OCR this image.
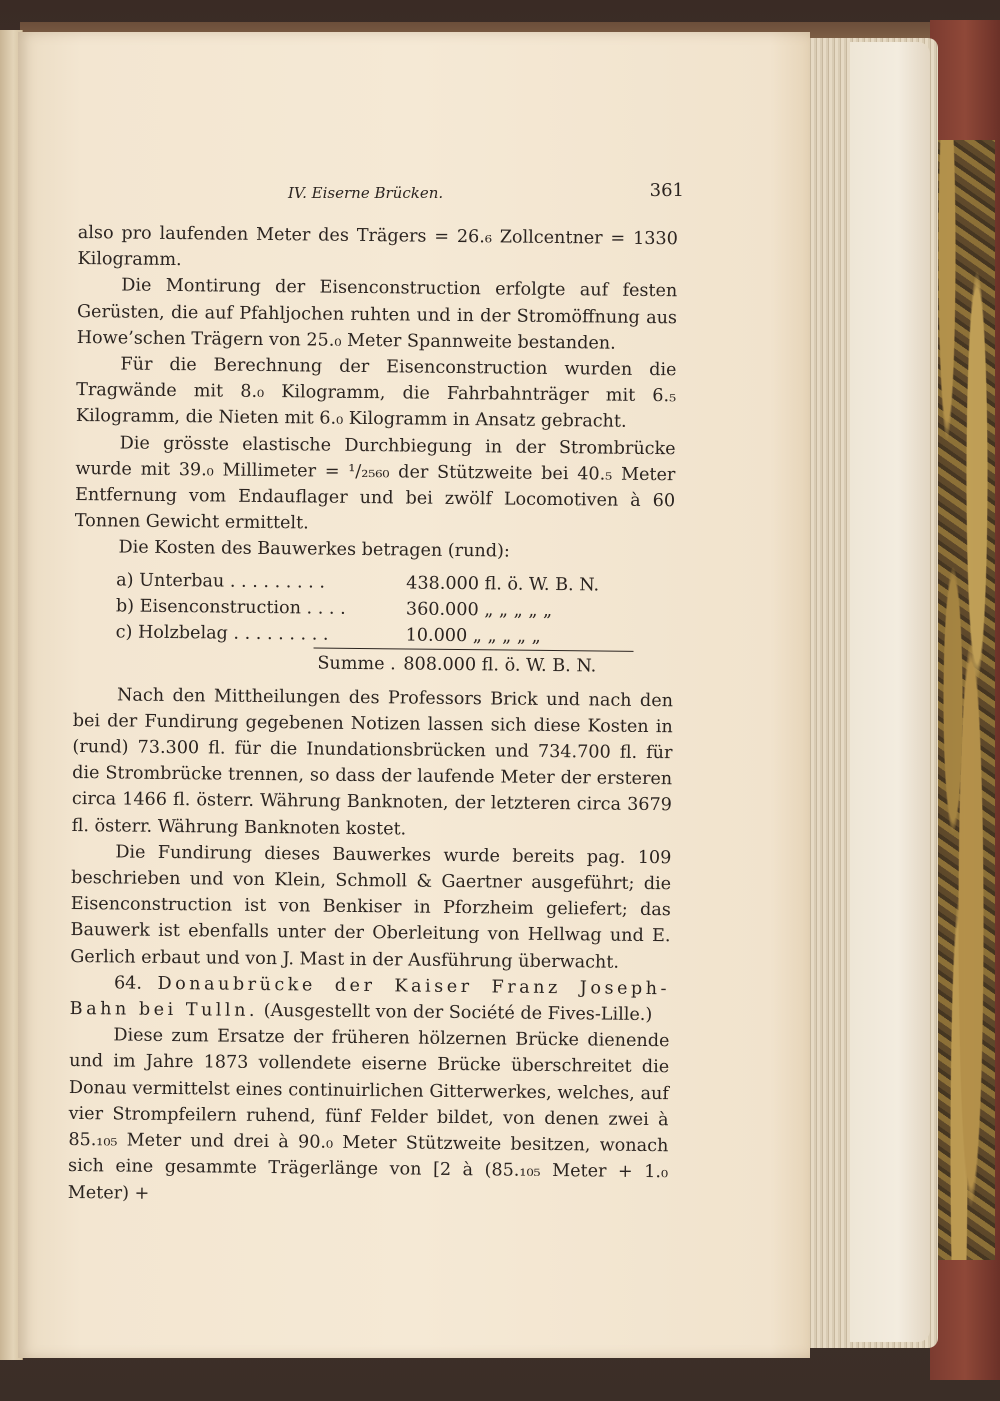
IV. Eiserne Brücken.	361

also pro laufenden Meter des Trägers = 26.₆ Zollcentner = 1330 Kilogramm.

Die Montirung der Eisenconstruction erfolgte auf festen Gerüsten, die auf Pfahljochen ruhten und in der Stromöffnung aus Howe’schen Trägern von 25.₀ Meter Spannweite bestanden.

Für die Berechnung der Eisenconstruction wurden die Tragwände mit 8.₀ Kilogramm, die Fahrbahnträger mit 6.₅ Kilogramm, die Nieten mit 6.₀ Kilogramm in Ansatz gebracht.

Die grösste elastische Durchbiegung in der Strombrücke wurde mit 39.₀ Millimeter = ¹/₂₅₆₀ der Stützweite bei 40.₅ Meter Entfernung vom Endauflager und bei zwölf Locomotiven à 60 Tonnen Gewicht ermittelt.

Die Kosten des Bauwerkes betragen (rund):

a) Unterbau . . . . . . . . .	438.000 fl. ö. W. B. N.
b) Eisenconstruction . . . .	360.000 „ „ „ „ „
c) Holzbelag . . . . . . . . .	10.000 „ „ „ „ „
Summe . 808.000 fl. ö. W. B. N.

Nach den Mittheilungen des Professors Brick und nach den bei der Fundirung gegebenen Notizen lassen sich diese Kosten in (rund) 73.300 fl. für die Inundationsbrücken und 734.700 fl. für die Strombrücke trennen, so dass der laufende Meter der ersteren circa 1466 fl. österr. Währung Banknoten, der letzteren circa 3679 fl. österr. Währung Banknoten kostet.

Die Fundirung dieses Bauwerkes wurde bereits pag. 109 beschrieben und von Klein, Schmoll & Gaertner ausgeführt; die Eisenconstruction ist von Benkiser in Pforzheim geliefert; das Bauwerk ist ebenfalls unter der Oberleitung von Hellwag und E. Gerlich erbaut und von J. Mast in der Ausführung überwacht.

64. Donaubrücke der Kaiser Franz Joseph-Bahn bei Tulln. (Ausgestellt von der Société de Fives-Lille.)

Diese zum Ersatze der früheren hölzernen Brücke dienende und im Jahre 1873 vollendete eiserne Brücke überschreitet die Donau vermittelst eines continuirlichen Gitterwerkes, welches, auf vier Strompfeilern ruhend, fünf Felder bildet, von denen zwei à 85.₁₀₅ Meter und drei à 90.₀ Meter Stützweite besitzen, wonach sich eine gesammte Trägerlänge von [2 à (85.₁₀₅ Meter + 1.₀ Meter) +
